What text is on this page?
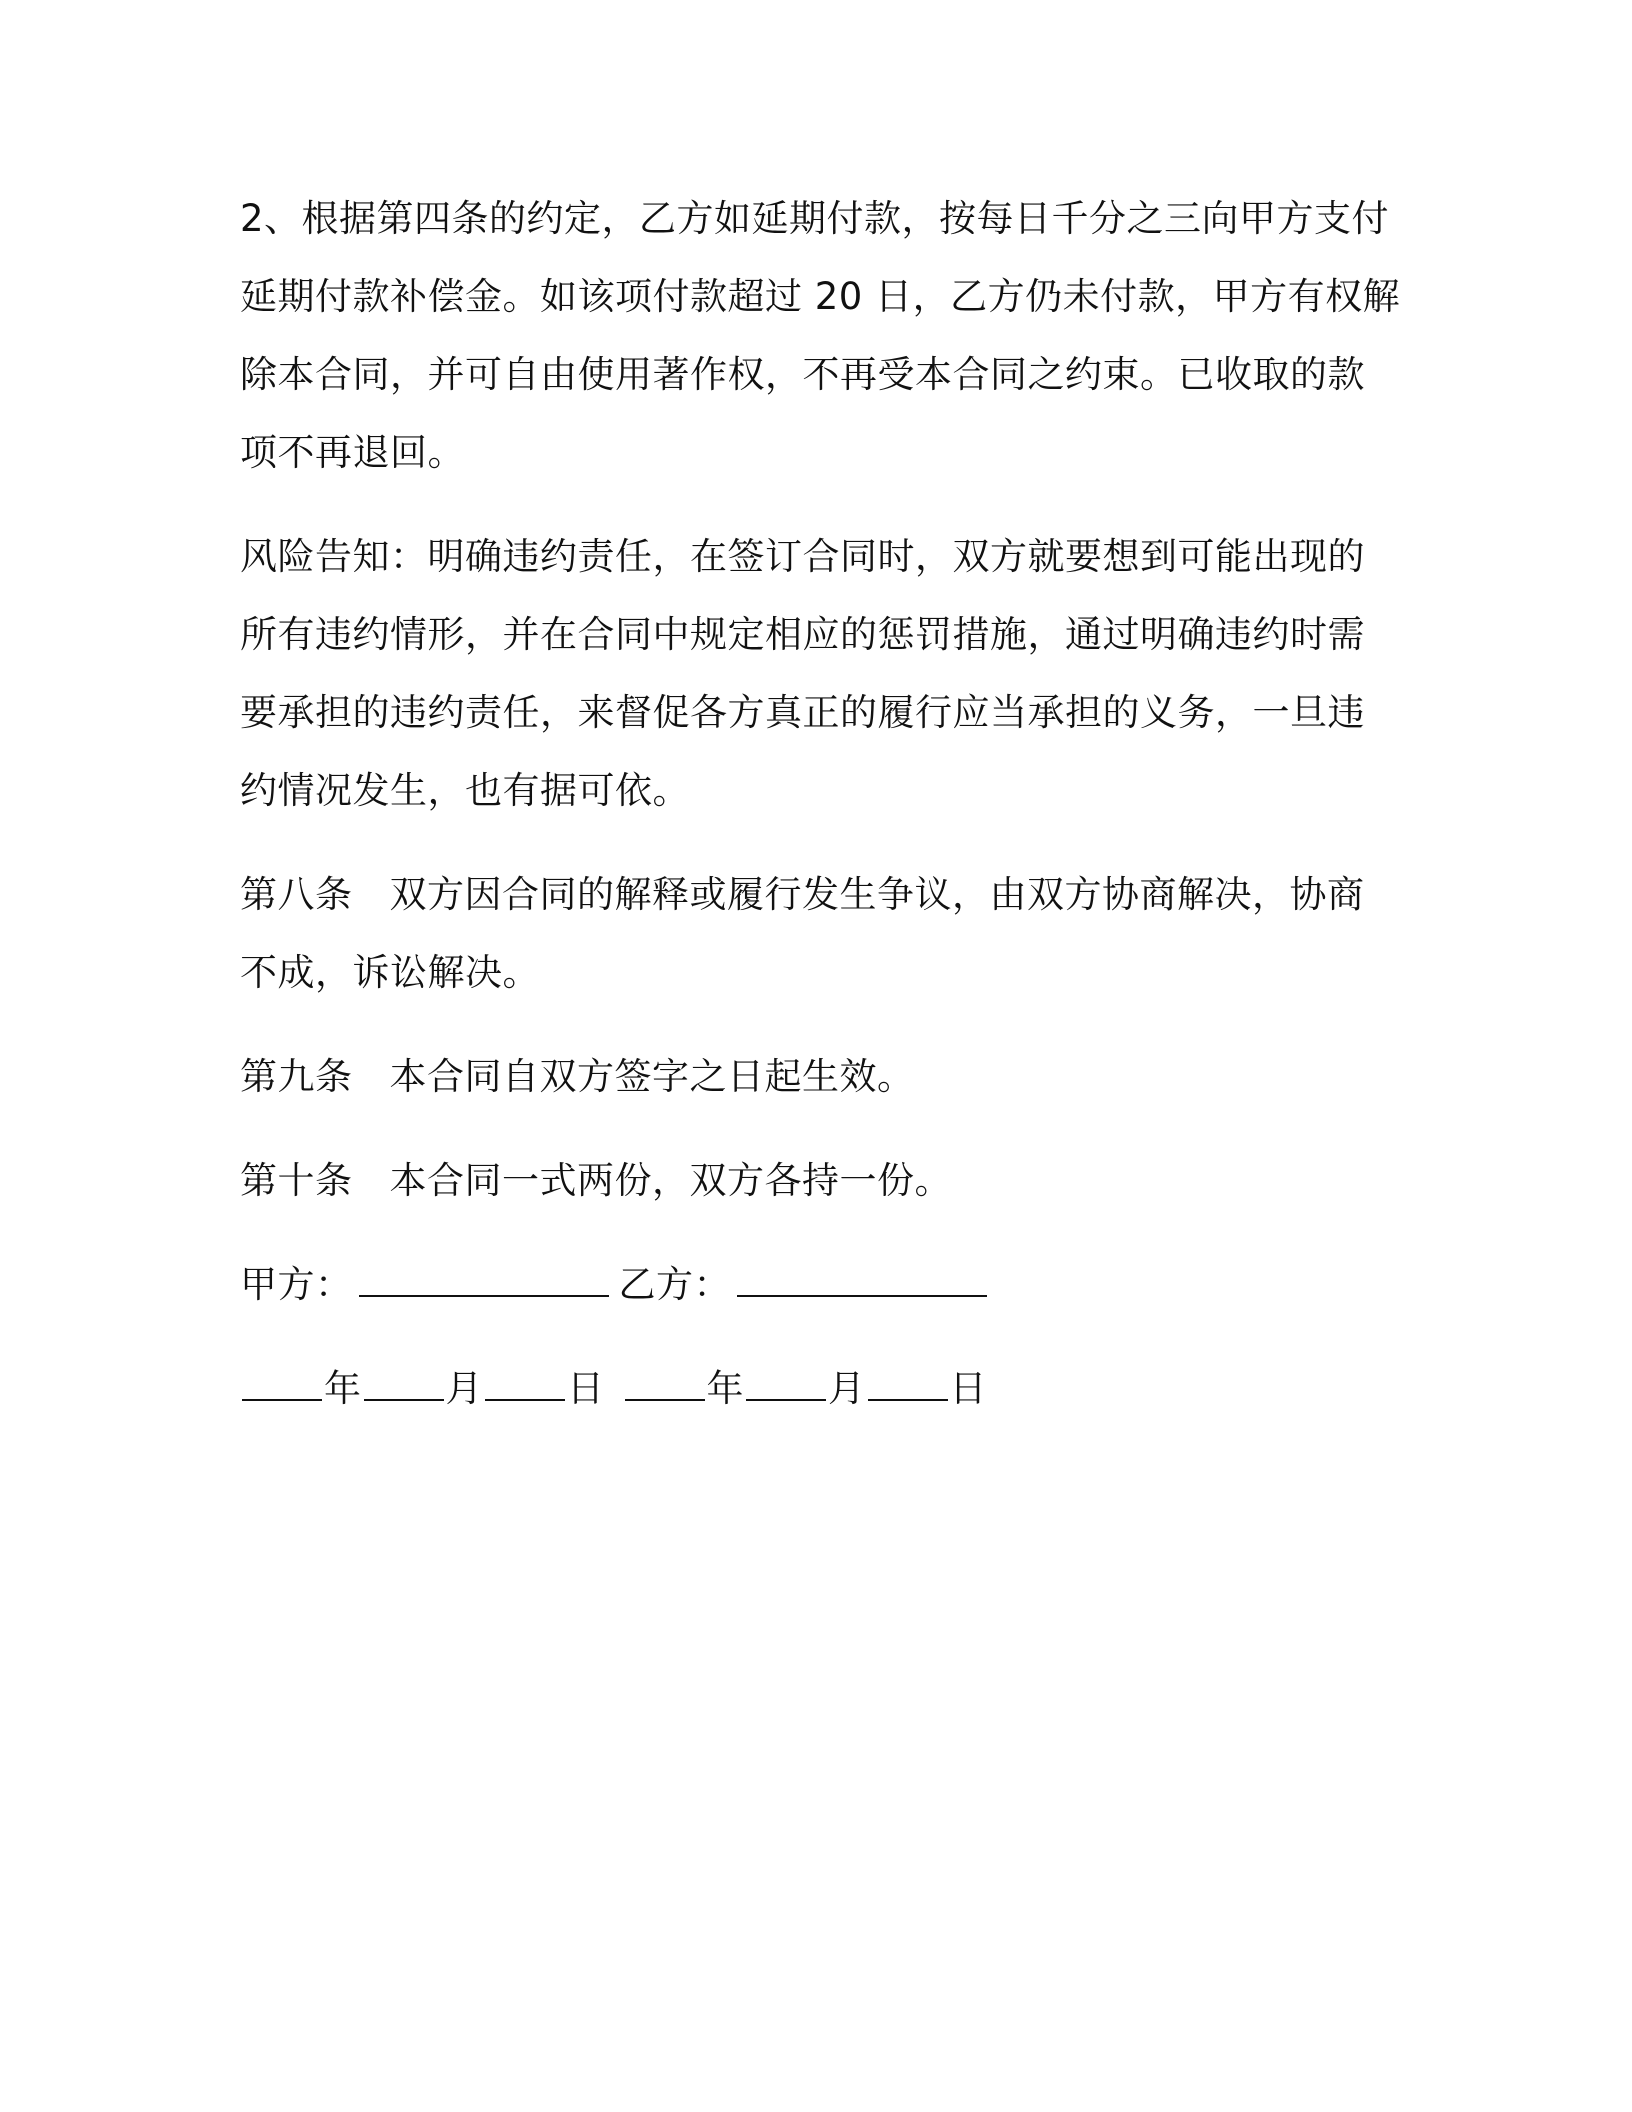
2、根据第四条的约定，乙方如延期付款，按每日千分之三向甲方支付
延期付款补偿金。如该项付款超过 20 日，乙方仍未付款，甲方有权解
除本合同，并可自由使用著作权，不再受本合同之约束。已收取的款
项不再退回。

风险告知：明确违约责任，在签订合同时，双方就要想到可能出现的
所有违约情形，并在合同中规定相应的惩罚措施，通过明确违约时需
要承担的违约责任，来督促各方真正的履行应当承担的义务，一旦违
约情况发生，也有据可依。

第八条 双方因合同的解释或履行发生争议，由双方协商解决，协商
不成，诉讼解决。

第九条 本合同自双方签字之日起生效。

第十条 本合同一式两份，双方各持一份。

甲方：	乙方：

年 月 日	年 月 日
